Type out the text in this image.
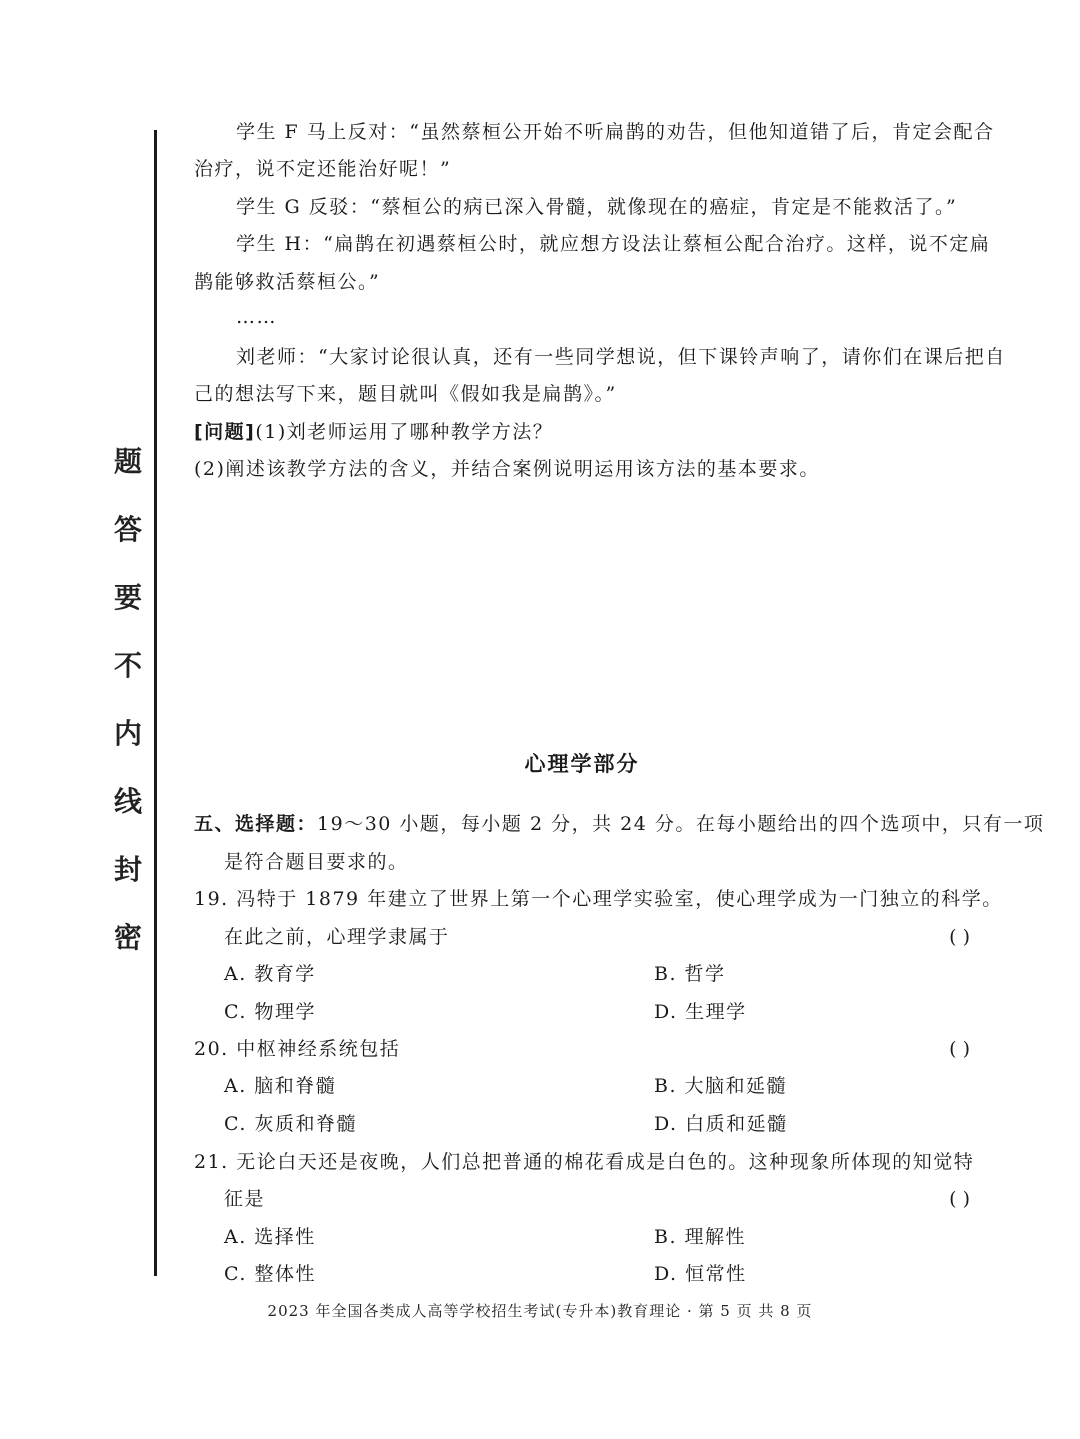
题
答
要
不
内
线
封
密
学生 F 马上反对：“虽然蔡桓公开始不听扁鹊的劝告，但他知道错了后，肯定会配合
治疗，说不定还能治好呢！”
学生 G 反驳：“蔡桓公的病已深入骨髓，就像现在的癌症，肯定是不能救活了。”
学生 H：“扁鹊在初遇蔡桓公时，就应想方设法让蔡桓公配合治疗。这样，说不定扁
鹊能够救活蔡桓公。”
……
刘老师：“大家讨论很认真，还有一些同学想说，但下课铃声响了，请你们在课后把自
己的想法写下来，题目就叫《假如我是扁鹊》。”
[问题](1)刘老师运用了哪种教学方法？
(2)阐述该教学方法的含义，并结合案例说明运用该方法的基本要求。
心理学部分
五、选择题：19～30 小题，每小题 2 分，共 24 分。在每小题给出的四个选项中，只有一项
是符合题目要求的。
19. 冯特于 1879 年建立了世界上第一个心理学实验室，使心理学成为一门独立的科学。
在此之前，心理学隶属于	( )
A. 教育学	B. 哲学
C. 物理学	D. 生理学
20. 中枢神经系统包括	( )
A. 脑和脊髓	B. 大脑和延髓
C. 灰质和脊髓	D. 白质和延髓
21. 无论白天还是夜晚，人们总把普通的棉花看成是白色的。这种现象所体现的知觉特
征是	( )
A. 选择性	B. 理解性
C. 整体性	D. 恒常性
2023 年全国各类成人高等学校招生考试(专升本)教育理论 · 第 5 页 共 8 页
